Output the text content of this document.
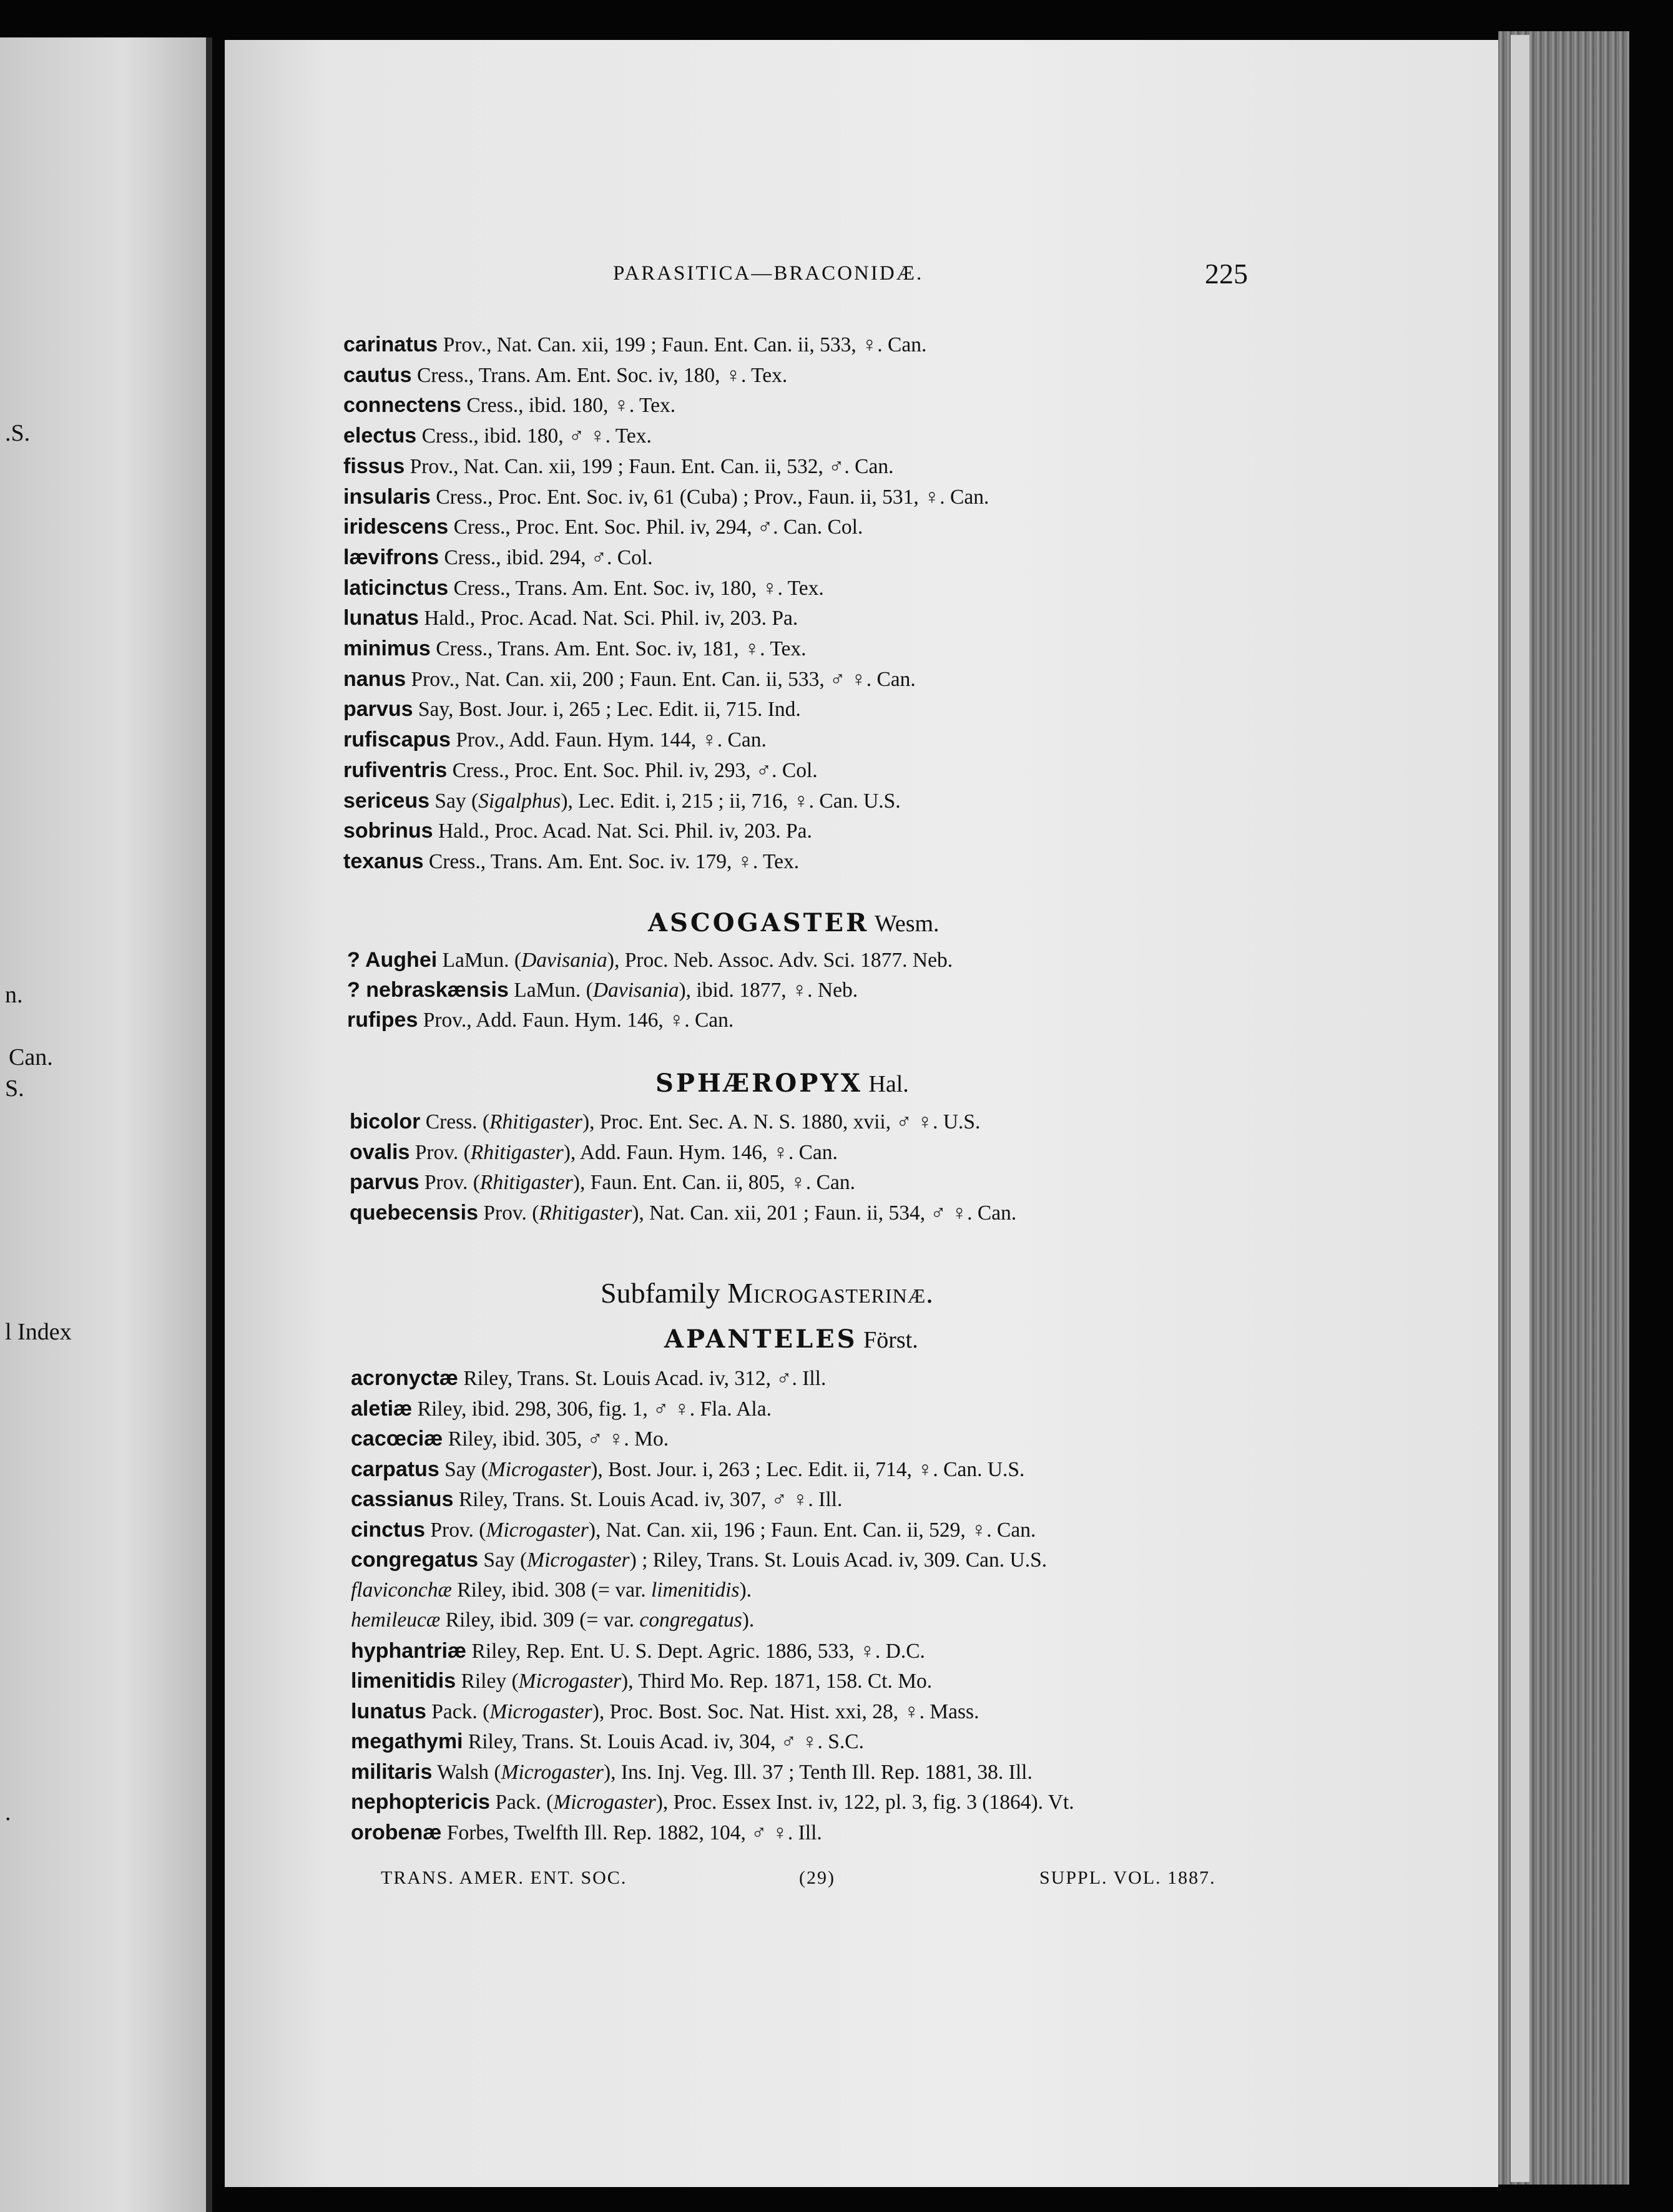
.S.
n.
Can.
S.
l Index
.
PARASITICA—BRACONIDÆ.	225
carinatus Prov., Nat. Can. xii, 199 ; Faun. Ent. Can. ii, 533, ♀. Can.
cautus Cress., Trans. Am. Ent. Soc. iv, 180, ♀. Tex.
connectens Cress., ibid. 180, ♀. Tex.
electus Cress., ibid. 180, ♂ ♀. Tex.
fissus Prov., Nat. Can. xii, 199 ; Faun. Ent. Can. ii, 532, ♂. Can.
insularis Cress., Proc. Ent. Soc. iv, 61 (Cuba) ; Prov., Faun. ii, 531, ♀. Can.
iridescens Cress., Proc. Ent. Soc. Phil. iv, 294, ♂. Can. Col.
lævifrons Cress., ibid. 294, ♂. Col.
laticinctus Cress., Trans. Am. Ent. Soc. iv, 180, ♀. Tex.
lunatus Hald., Proc. Acad. Nat. Sci. Phil. iv, 203. Pa.
minimus Cress., Trans. Am. Ent. Soc. iv, 181, ♀. Tex.
nanus Prov., Nat. Can. xii, 200 ; Faun. Ent. Can. ii, 533, ♂ ♀. Can.
parvus Say, Bost. Jour. i, 265 ; Lec. Edit. ii, 715. Ind.
rufiscapus Prov., Add. Faun. Hym. 144, ♀. Can.
rufiventris Cress., Proc. Ent. Soc. Phil. iv, 293, ♂. Col.
sericeus Say (Sigalphus), Lec. Edit. i, 215 ; ii, 716, ♀. Can. U.S.
sobrinus Hald., Proc. Acad. Nat. Sci. Phil. iv, 203. Pa.
texanus Cress., Trans. Am. Ent. Soc. iv. 179, ♀. Tex.
ASCOGASTER Wesm.
? Aughei LaMun. (Davisania), Proc. Neb. Assoc. Adv. Sci. 1877. Neb.
? nebraskænsis LaMun. (Davisania), ibid. 1877, ♀. Neb.
rufipes Prov., Add. Faun. Hym. 146, ♀. Can.
SPHÆROPYX Hal.
bicolor Cress. (Rhitigaster), Proc. Ent. Sec. A. N. S. 1880, xvii, ♂ ♀. U.S.
ovalis Prov. (Rhitigaster), Add. Faun. Hym. 146, ♀. Can.
parvus Prov. (Rhitigaster), Faun. Ent. Can. ii, 805, ♀. Can.
quebecensis Prov. (Rhitigaster), Nat. Can. xii, 201 ; Faun. ii, 534, ♂ ♀. Can.
Subfamily Microgasterinæ.
APANTELES Först.
acronyctæ Riley, Trans. St. Louis Acad. iv, 312, ♂. Ill.
aletiæ Riley, ibid. 298, 306, fig. 1, ♂ ♀. Fla. Ala.
cacœciæ Riley, ibid. 305, ♂ ♀. Mo.
carpatus Say (Microgaster), Bost. Jour. i, 263 ; Lec. Edit. ii, 714, ♀. Can. U.S.
cassianus Riley, Trans. St. Louis Acad. iv, 307, ♂ ♀. Ill.
cinctus Prov. (Microgaster), Nat. Can. xii, 196 ; Faun. Ent. Can. ii, 529, ♀. Can.
congregatus Say (Microgaster) ; Riley, Trans. St. Louis Acad. iv, 309. Can. U.S.
flaviconchæ Riley, ibid. 308 (= var. limenitidis).
hemileucæ Riley, ibid. 309 (= var. congregatus).
hyphantriæ Riley, Rep. Ent. U. S. Dept. Agric. 1886, 533, ♀. D.C.
limenitidis Riley (Microgaster), Third Mo. Rep. 1871, 158. Ct. Mo.
lunatus Pack. (Microgaster), Proc. Bost. Soc. Nat. Hist. xxi, 28, ♀. Mass.
megathymi Riley, Trans. St. Louis Acad. iv, 304, ♂ ♀. S.C.
militaris Walsh (Microgaster), Ins. Inj. Veg. Ill. 37 ; Tenth Ill. Rep. 1881, 38. Ill.
nephoptericis Pack. (Microgaster), Proc. Essex Inst. iv, 122, pl. 3, fig. 3 (1864). Vt.
orobenæ Forbes, Twelfth Ill. Rep. 1882, 104, ♂ ♀. Ill.
TRANS. AMER. ENT. SOC.	(29)	SUPPL. VOL. 1887.
